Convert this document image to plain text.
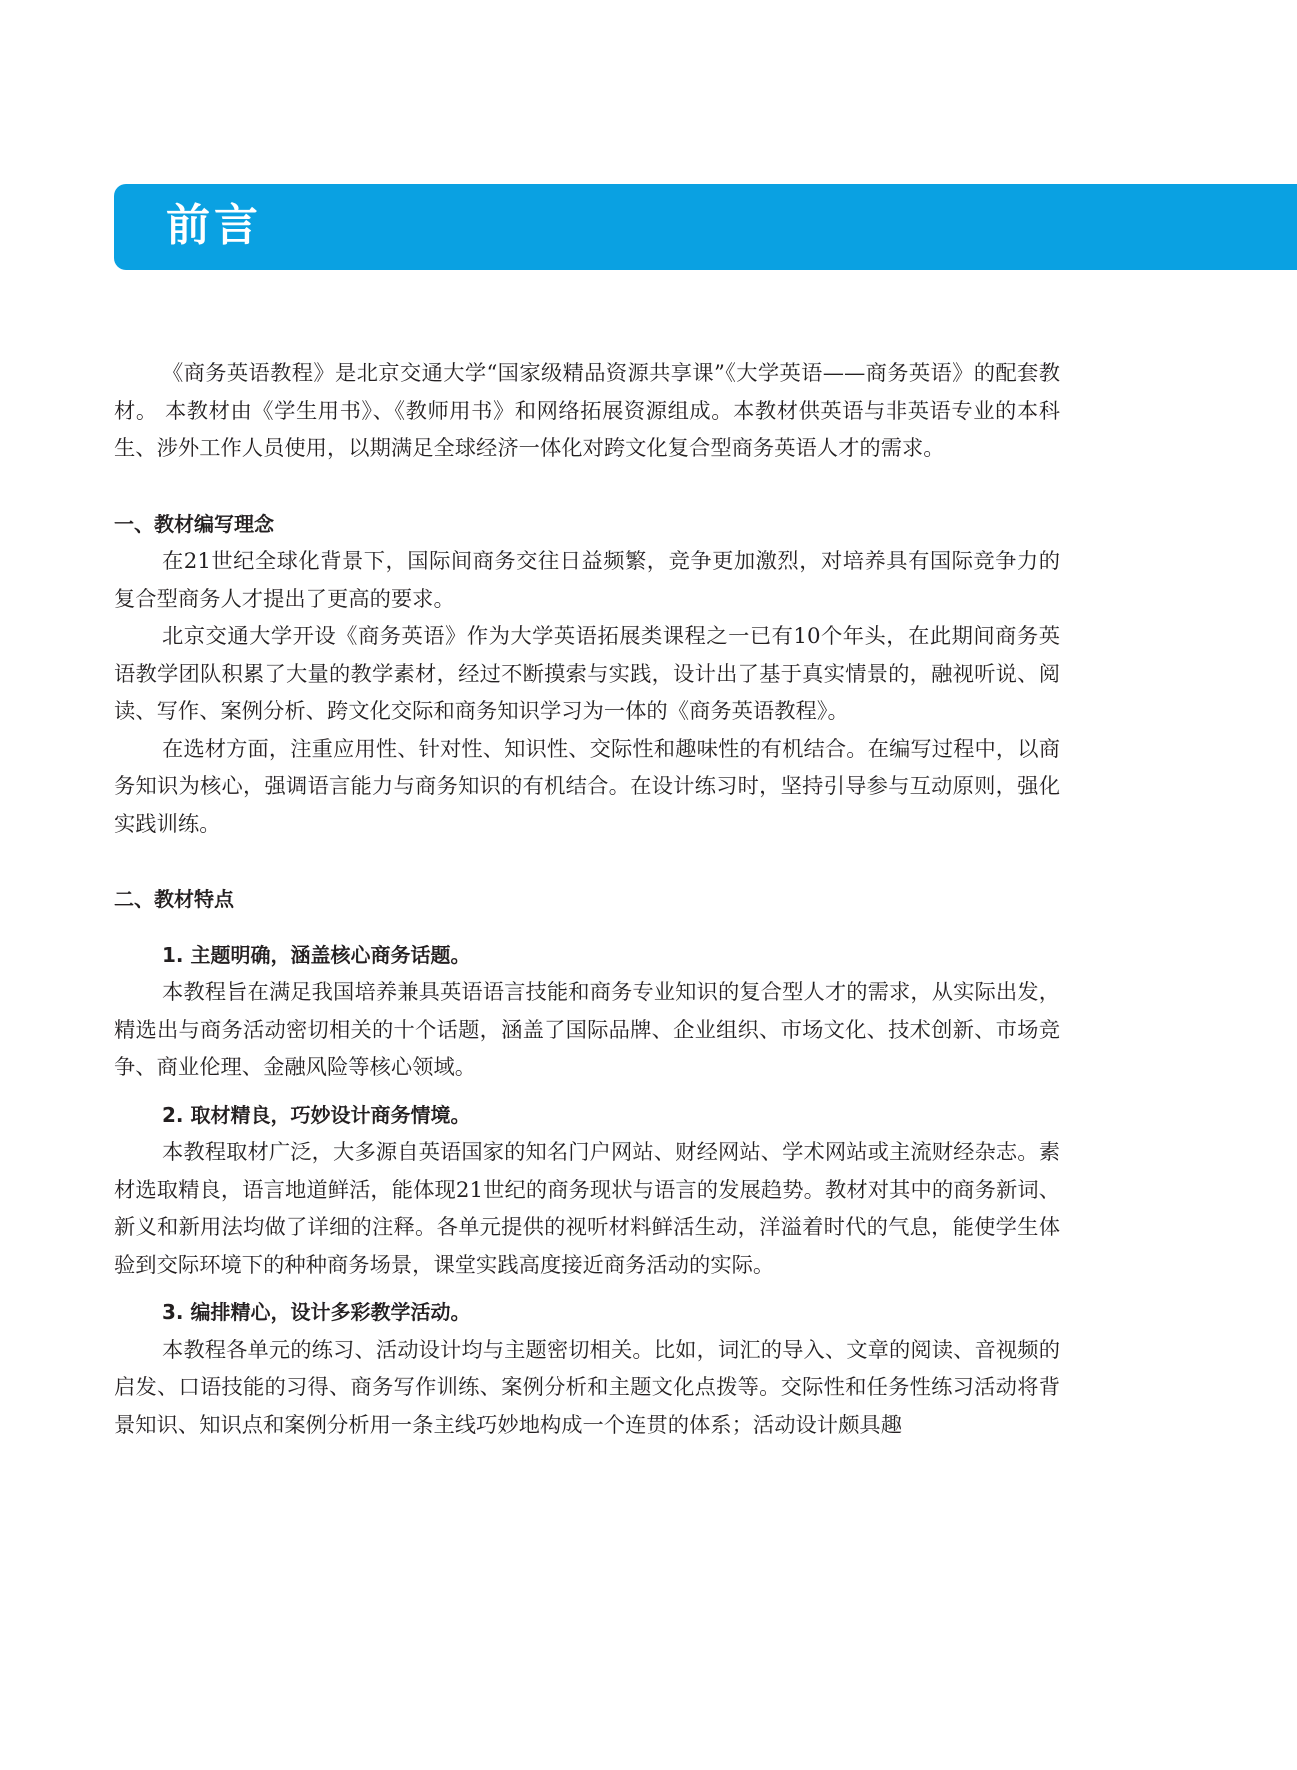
前言

《商务英语教程》是北京交通大学“国家级精品资源共享课”《大学英语——商务英语》的配套教材。 本教材由《学生用书》、《教师用书》和网络拓展资源组成。本教材供英语与非英语专业的本科生、涉外工作人员使用，以期满足全球经济一体化对跨文化复合型商务英语人才的需求。

一、教材编写理念

在21世纪全球化背景下，国际间商务交往日益频繁，竞争更加激烈，对培养具有国际竞争力的复合型商务人才提出了更高的要求。

北京交通大学开设《商务英语》作为大学英语拓展类课程之一已有10个年头，在此期间商务英语教学团队积累了大量的教学素材，经过不断摸索与实践，设计出了基于真实情景的，融视听说、阅读、写作、案例分析、跨文化交际和商务知识学习为一体的《商务英语教程》。

在选材方面，注重应用性、针对性、知识性、交际性和趣味性的有机结合。在编写过程中，以商务知识为核心，强调语言能力与商务知识的有机结合。在设计练习时，坚持引导参与互动原则，强化实践训练。

二、教材特点

1. 主题明确，涵盖核心商务话题。

本教程旨在满足我国培养兼具英语语言技能和商务专业知识的复合型人才的需求，从实际出发，精选出与商务活动密切相关的十个话题，涵盖了国际品牌、企业组织、市场文化、技术创新、市场竞争、商业伦理、金融风险等核心领域。

2. 取材精良，巧妙设计商务情境。

本教程取材广泛，大多源自英语国家的知名门户网站、财经网站、学术网站或主流财经杂志。素材选取精良，语言地道鲜活，能体现21世纪的商务现状与语言的发展趋势。教材对其中的商务新词、新义和新用法均做了详细的注释。各单元提供的视听材料鲜活生动，洋溢着时代的气息，能使学生体验到交际环境下的种种商务场景，课堂实践高度接近商务活动的实际。

3. 编排精心，设计多彩教学活动。

本教程各单元的练习、活动设计均与主题密切相关。比如，词汇的导入、文章的阅读、音视频的启发、口语技能的习得、商务写作训练、案例分析和主题文化点拨等。交际性和任务性练习活动将背景知识、知识点和案例分析用一条主线巧妙地构成一个连贯的体系；活动设计颇具趣
